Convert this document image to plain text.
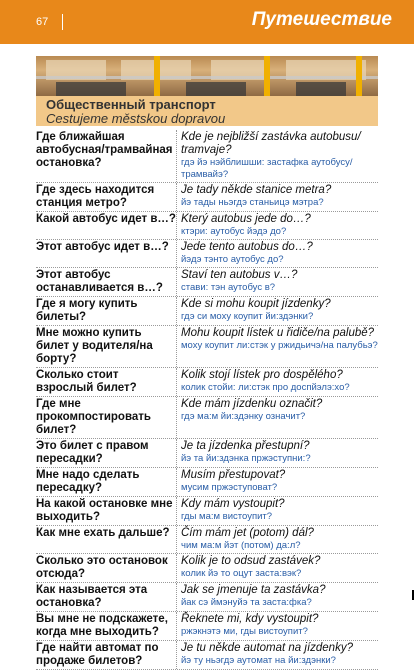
67	Путешествие
Общественный транспорт
Cestujeme městskou dopravou
Где ближайшая автобусная/трамвайная остановка?
Kde je nejbližší zastávka autobusu/ tramvaje?
гдэ йэ нэйблишши: застафка аутобусу/трамвайэ?
Где здесь находится станция метро?
Je tady někde stanice metra?
йэ тады ньэгдэ станьицэ мэтра?
Какой автобус идет в…? Který autobus jede do…?
ктэри: аутобус йэдэ до?
Этот автобус идет в…?	Jede tento autobus do…?
йэдэ тэнто аутобус до?
Этот автобус останавливается в…?
Staví ten autobus v…?
стави: тэн аутобус в?
Где я могу купить билеты?
Kde si mohu koupit jízdenky?
гдэ си моху коупит йи:здэнки?
Мне можно купить билет у водителя/на борту?
Mohu koupit lístek u řidiče/na palubě?
моху коупит ли:стэк у ржидьичэ/на палубьэ?
Сколько стоит взрослый билет?
Kolik stojí lístek pro dospělého?
колик стойи: ли:стэк про доспйэлэ:хо?
Где мне прокомпостировать билет?
Kde mám jízdenku označit?
гдэ ма:м йи:здэнку означит?
Это билет с правом пересадки?
Je ta jízdenka přestupní?
йэ та йи:здэнка пржэступни:?
Мне надо сделать пересадку?
Musím přestupovat?
мусим пржэступоват?
На какой остановке мне выходить?
Kdy mám vystoupit?
гды мa:м вистоупит?
Как мне ехать дальше? Čím mám jet (potom) dál?
чим ма:м йэт (потом) да:л?
Сколько это остановок отсюда?
Kolik je to odsud zastávek?
колик йэ то оцут заста:вэк?
Как называется эта остановка?
Jak se jmenuje ta zastávka?
йак сэ ймэнуйэ та застa:фка?
Вы мне не подскажете, когда мне выходить?
Řeknete mi, kdy vystoupit?
ржэкнэтэ ми, гды вистоупит?
Где найти автомат по продаже билетов?
Je tu někde automat na jízdenky?
йэ ту ньэгдэ аутомат на йи:здэнки?
